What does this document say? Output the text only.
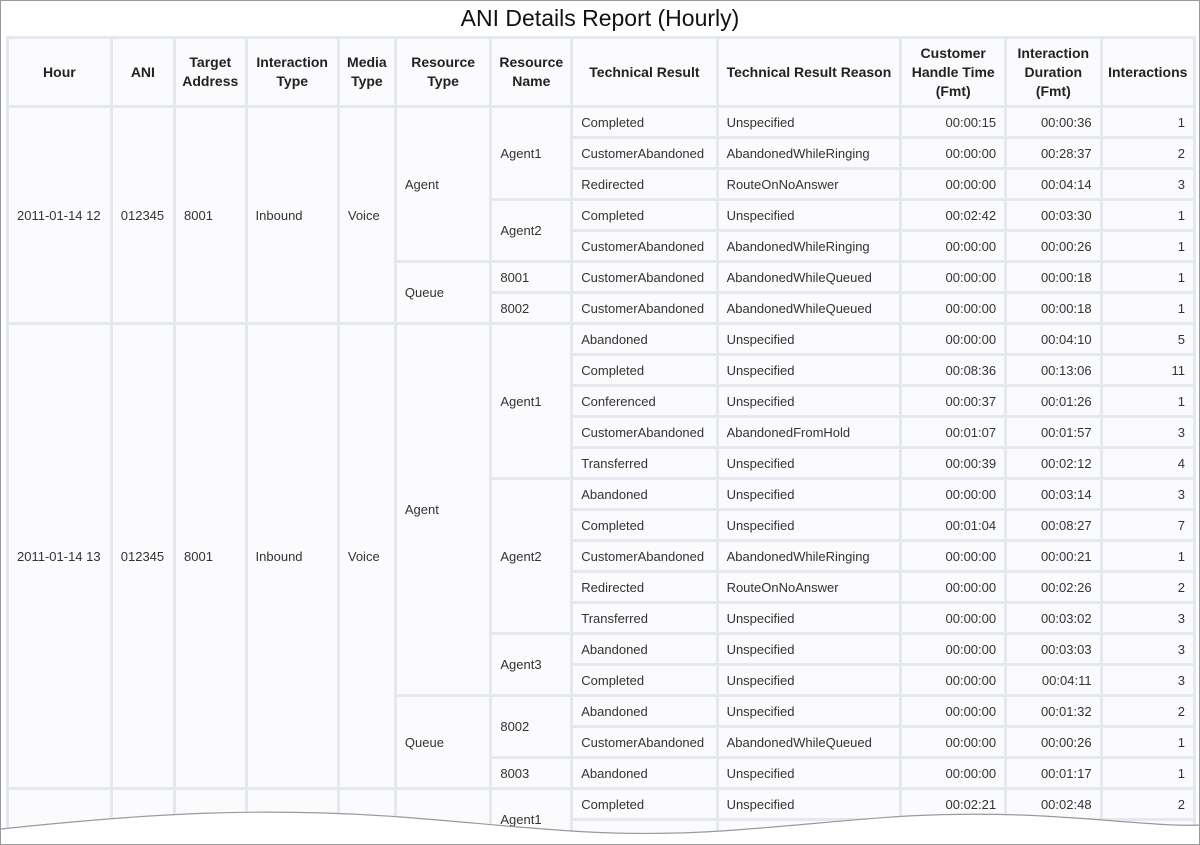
ANI Details Report (Hourly)
Hour	ANI	Target Address	Interaction Type	Media Type	Resource Type	Resource Name	Technical Result	Technical Result Reason	Customer Handle Time (Fmt)	Interaction Duration (Fmt)	Interactions
2011-01-14 12	012345	8001	Inbound	Voice	Agent	Agent1	Completed	Unspecified	00:00:15	00:00:36	1
							CustomerAbandoned	AbandonedWhileRinging	00:00:00	00:28:37	2
							Redirected	RouteOnNoAnswer	00:00:00	00:04:14	3
						Agent2	Completed	Unspecified	00:02:42	00:03:30	1
							CustomerAbandoned	AbandonedWhileRinging	00:00:00	00:00:26	1
					Queue	8001	CustomerAbandoned	AbandonedWhileQueued	00:00:00	00:00:18	1
						8002	CustomerAbandoned	AbandonedWhileQueued	00:00:00	00:00:18	1
2011-01-14 13	012345	8001	Inbound	Voice	Agent	Agent1	Abandoned	Unspecified	00:00:00	00:04:10	5
							Completed	Unspecified	00:08:36	00:13:06	11
							Conferenced	Unspecified	00:00:37	00:01:26	1
							CustomerAbandoned	AbandonedFromHold	00:01:07	00:01:57	3
							Transferred	Unspecified	00:00:39	00:02:12	4
						Agent2	Abandoned	Unspecified	00:00:00	00:03:14	3
							Completed	Unspecified	00:01:04	00:08:27	7
							CustomerAbandoned	AbandonedWhileRinging	00:00:00	00:00:21	1
							Redirected	RouteOnNoAnswer	00:00:00	00:02:26	2
							Transferred	Unspecified	00:00:00	00:03:02	3
						Agent3	Abandoned	Unspecified	00:00:00	00:03:03	3
							Completed	Unspecified	00:00:00	00:04:11	3
					Queue	8002	Abandoned	Unspecified	00:00:00	00:01:32	2
							CustomerAbandoned	AbandonedWhileQueued	00:00:00	00:00:26	1
						8003	Abandoned	Unspecified	00:00:00	00:01:17	1
						Agent1	Completed	Unspecified	00:02:21	00:02:48	2
